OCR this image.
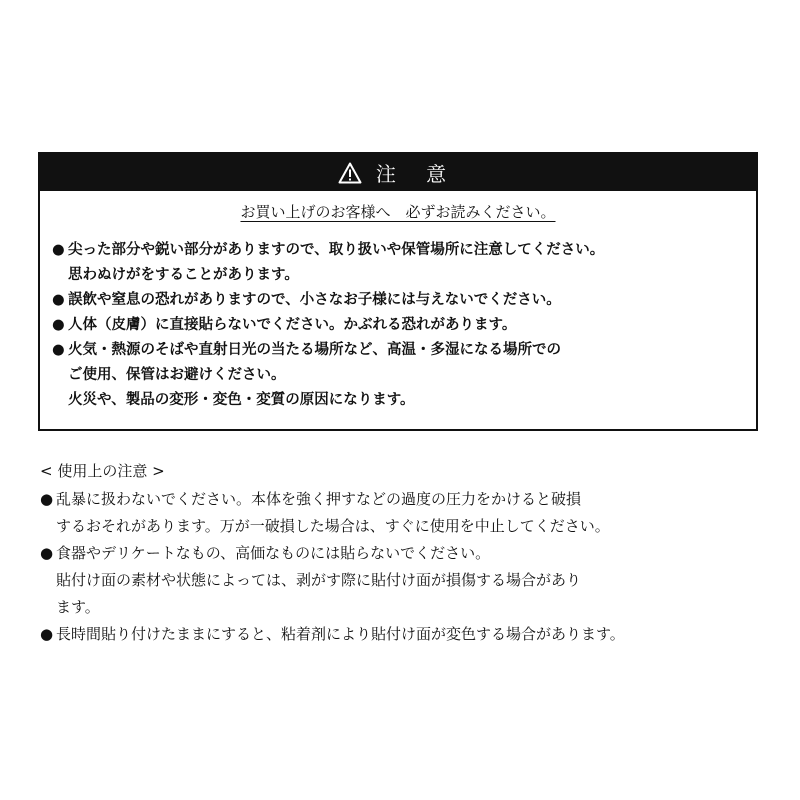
注 意
お買い上げのお客様へ　必ずお読みください。
● 尖った部分や鋭い部分がありますので、取り扱いや保管場所に注意してください。
思わぬけがをすることがあります。
● 誤飲や窒息の恐れがありますので、小さなお子様には与えないでください。
● 人体（皮膚）に直接貼らないでください。かぶれる恐れがあります。
● 火気・熱源のそばや直射日光の当たる場所など、高温・多湿になる場所での
ご使用、保管はお避けください。
火災や、製品の変形・変色・変質の原因になります。
< 使用上の注意 >
● 乱暴に扱わないでください。本体を強く押すなどの過度の圧力をかけると破損
するおそれがあります。万が一破損した場合は、すぐに使用を中止してください。
● 食器やデリケートなもの、高価なものには貼らないでください。
貼付け面の素材や状態によっては、剥がす際に貼付け面が損傷する場合があり
ます。
● 長時間貼り付けたままにすると、粘着剤により貼付け面が変色する場合があります。
